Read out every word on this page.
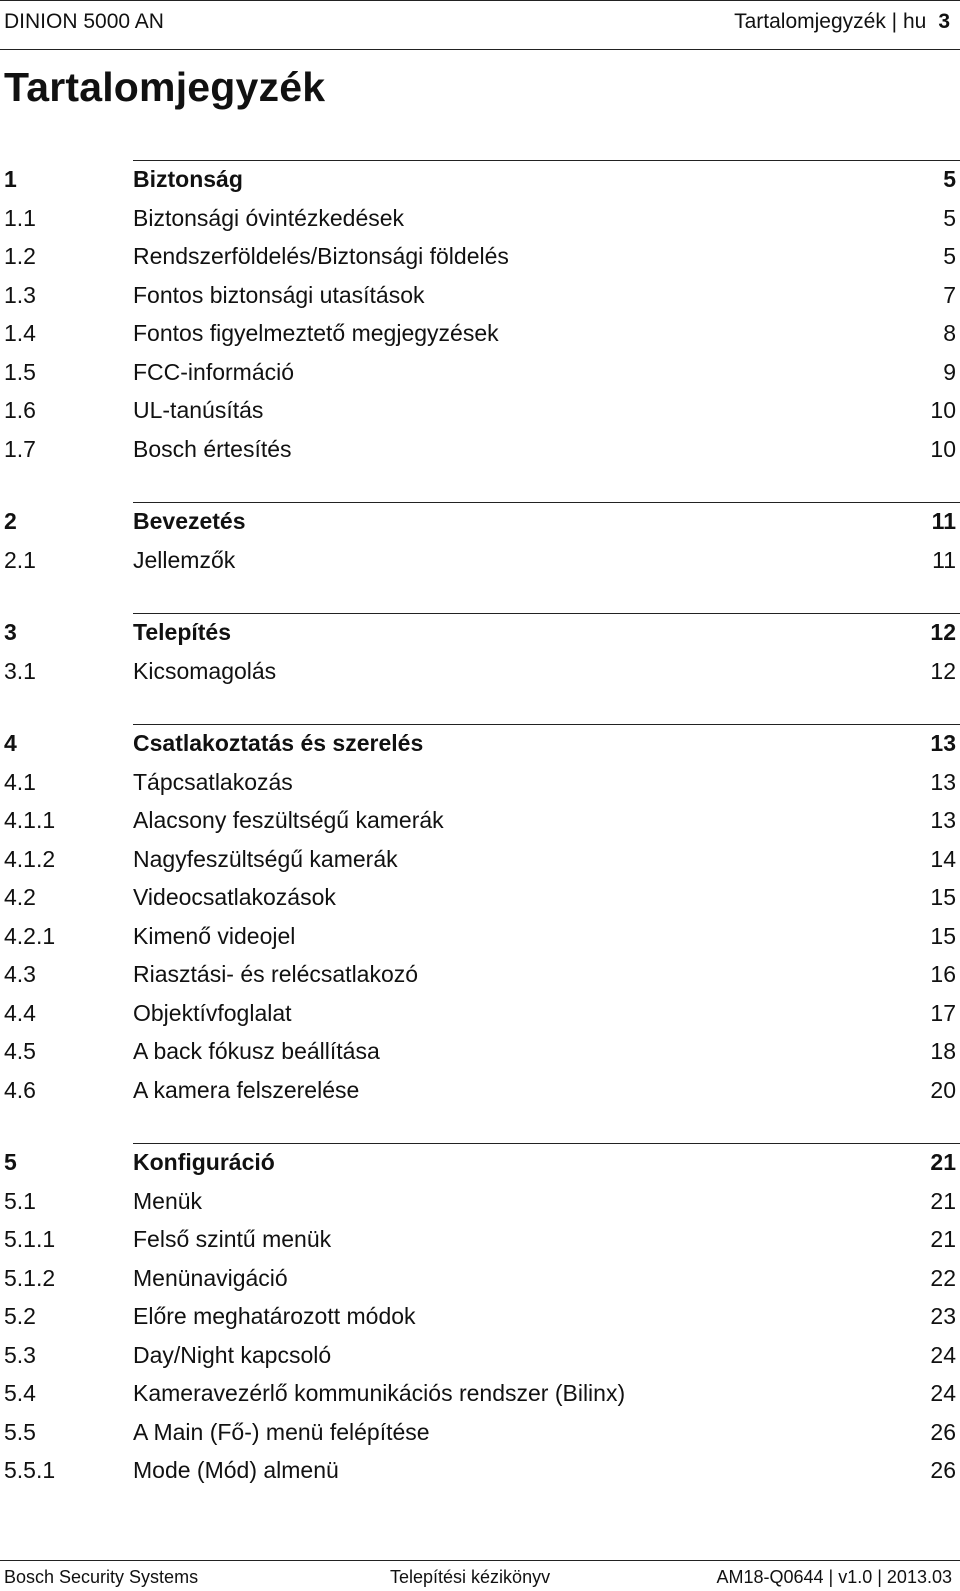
DINION 5000 AN	Tartalomjegyzék | hu 3
Tartalomjegyzék
1	Biztonság	5
1.1	Biztonsági óvintézkedések	5
1.2	Rendszerföldelés/Biztonsági földelés	5
1.3	Fontos biztonsági utasítások	7
1.4	Fontos figyelmeztető megjegyzések	8
1.5	FCC-információ	9
1.6	UL-tanúsítás	10
1.7	Bosch értesítés	10
2	Bevezetés	11
2.1	Jellemzők	11
3	Telepítés	12
3.1	Kicsomagolás	12
4	Csatlakoztatás és szerelés	13
4.1	Tápcsatlakozás	13
4.1.1	Alacsony feszültségű kamerák	13
4.1.2	Nagyfeszültségű kamerák	14
4.2	Videocsatlakozások	15
4.2.1	Kimenő videojel	15
4.3	Riasztási- és relécsatlakozó	16
4.4	Objektívfoglalat	17
4.5	A back fókusz beállítása	18
4.6	A kamera felszerelése	20
5	Konfiguráció	21
5.1	Menük	21
5.1.1	Felső szintű menük	21
5.1.2	Menünavigáció	22
5.2	Előre meghatározott módok	23
5.3	Day/Night kapcsoló	24
5.4	Kameravezérlő kommunikációs rendszer (Bilinx)	24
5.5	A Main (Fő-) menü felépítése	26
5.5.1	Mode (Mód) almenü	26
Bosch Security Systems	Telepítési kézikönyv	AM18-Q0644 | v1.0 | 2013.03
